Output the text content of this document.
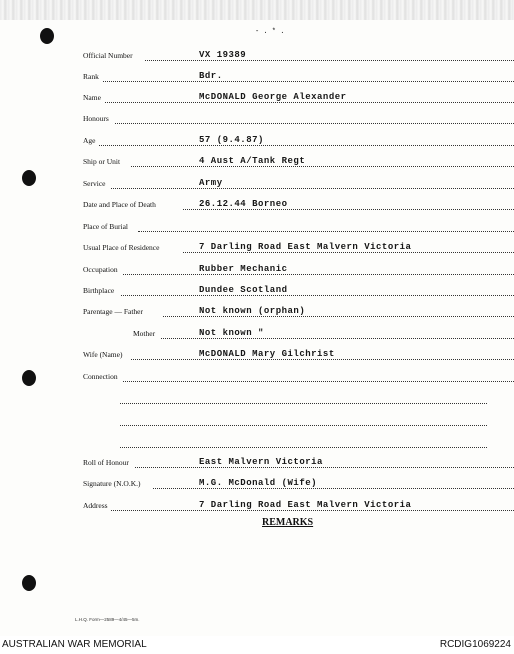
- . * .
Official Number	VX 19389
Rank	Bdr.
Name	McDONALD George Alexander
Honours
Age	57 (9.4.87)
Ship or Unit	4 Aust A/Tank Regt
Service	Army
Date and Place of Death	26.12.44 Borneo
Place of Burial
Usual Place of Residence	7 Darling Road East Malvern Victoria
Occupation	Rubber Mechanic
Birthplace	Dundee Scotland
Parentage — Father	Not known (orphan)
Mother	Not known "
Wife (Name)	McDONALD Mary Gilchrist
Connection
Roll of Honour	East Malvern Victoria
Signature (N.O.K.)	M.G. McDonald (Wife)
Address	7 Darling Road East Malvern Victoria
REMARKS
L.H.Q. Form—2589—4/45—5m.
AUSTRALIAN WAR MEMORIAL	RCDIG1069224
